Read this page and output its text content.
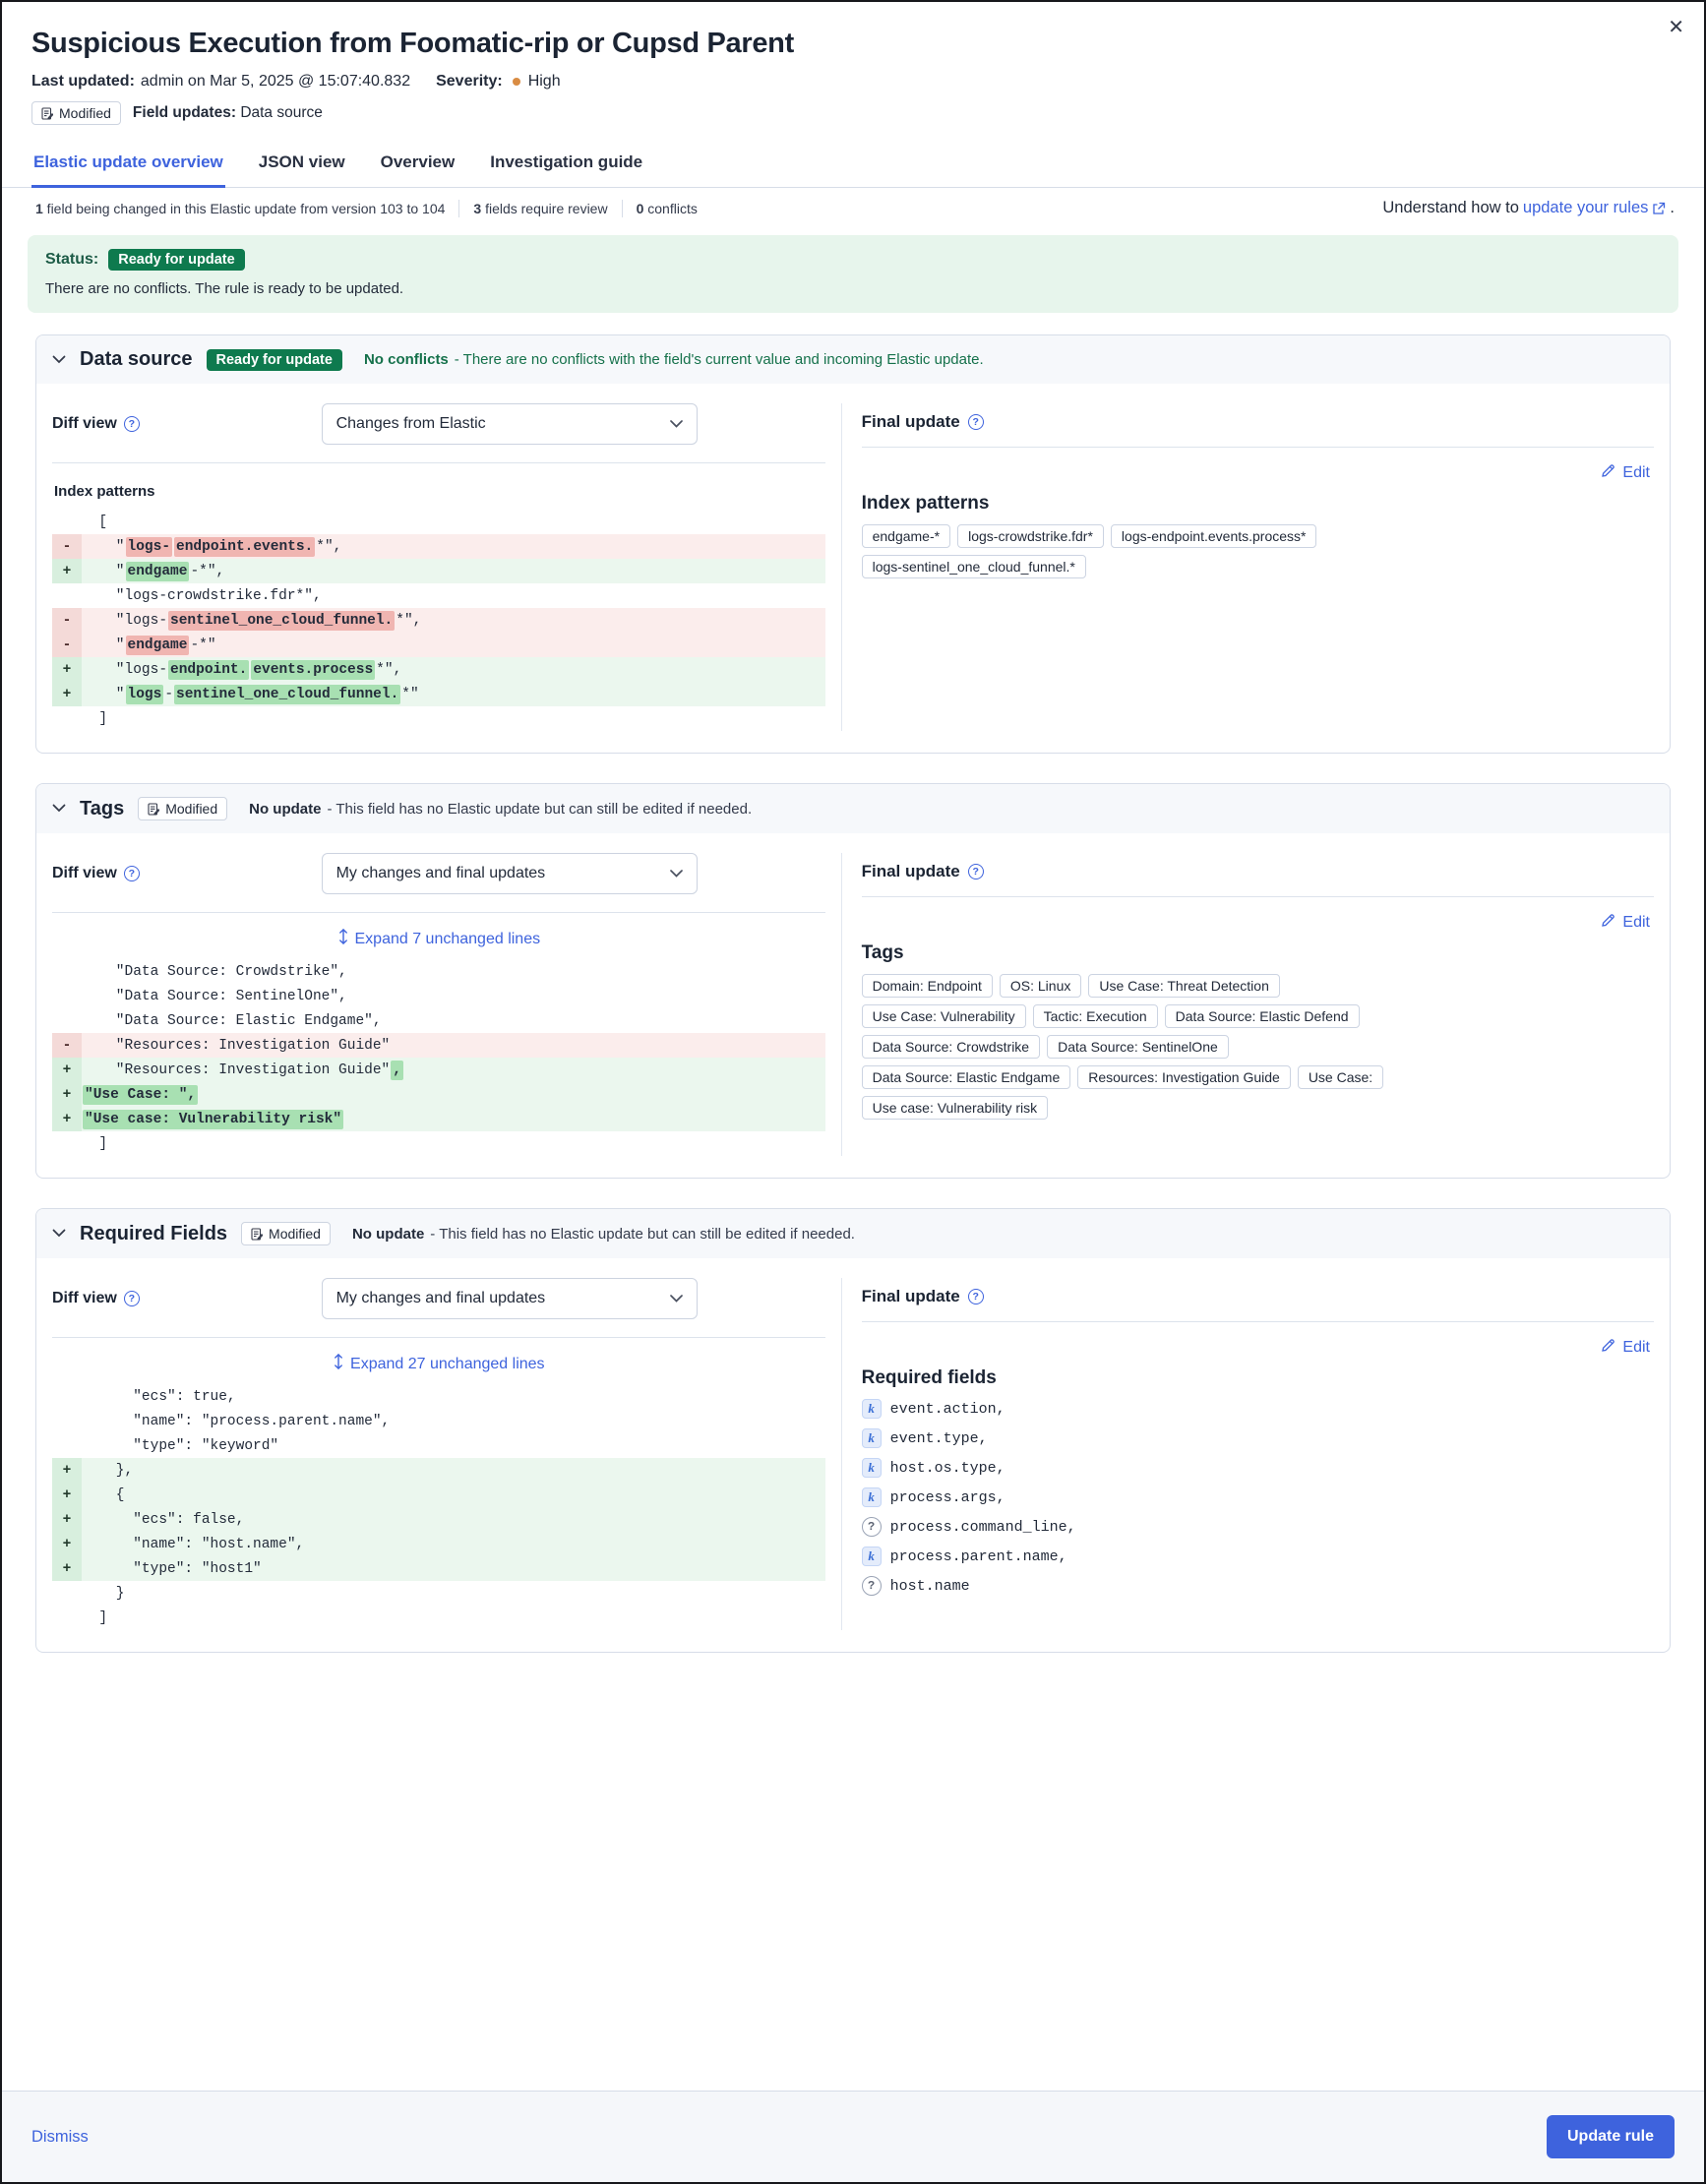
✕
Suspicious Execution from Foomatic-rip or Cupsd Parent
Last updated: admin on Mar 5, 2025 @ 15:07:40.832 Severity: High
Modified Field updates: Data source
Elastic update overview JSON view Overview Investigation guide
1 field being changed in this Elastic update from version 103 to 104 3 fields require review 0 conflicts	Understand how to update your rules .
Status:	Ready for update
There are no conflicts. The rule is ready to be updated.
Data source	Ready for update	No conflicts - There are no conflicts with the field's current value and incoming Elastic update.
Diff view	?	Changes from Elastic
Index patterns
[
- " logs- endpoint.events. *",
+ " endgame -*",
"logs-crowdstrike.fdr*",
- "logs- sentinel_one_cloud_funnel. *",
- " endgame -*"
+ "logs- endpoint. events.process *",
+ " logs - sentinel_one_cloud_funnel. *"
]
Final update	?
Edit
Index patterns
endgame-*	logs-crowdstrike.fdr*	logs-endpoint.events.process*
logs-sentinel_one_cloud_funnel.*
Tags	Modified No update - This field has no Elastic update but can still be edited if needed.
Diff view	?	My changes and final updates
Expand 7 unchanged lines
"Data Source: Crowdstrike",
"Data Source: SentinelOne",
"Data Source: Elastic Endgame",
- "Resources: Investigation Guide"
+ "Resources: Investigation Guide" ,
+ "Use Case: ",
+ "Use case: Vulnerability risk"
]
Final update	?
Edit
Tags
Domain: Endpoint	OS: Linux	Use Case: Threat Detection
Use Case: Vulnerability	Tactic: Execution	Data Source: Elastic Defend
Data Source: Crowdstrike	Data Source: SentinelOne
Data Source: Elastic Endgame	Resources: Investigation Guide	Use Case:
Use case: Vulnerability risk
Required Fields	Modified No update - This field has no Elastic update but can still be edited if needed.
Diff view	?	My changes and final updates
Expand 27 unchanged lines
"ecs": true,
"name": "process.parent.name",
"type": "keyword"
+ },
+ {
+ "ecs": false,
+ "name": "host.name",
+ "type": "host1"
}
]
Final update	?
Edit
Required fields
k	event.action,
k	event.type,
k	host.os.type,
k	process.args,
?	process.command_line,
k	process.parent.name,
?	host.name
Dismiss	Update rule
